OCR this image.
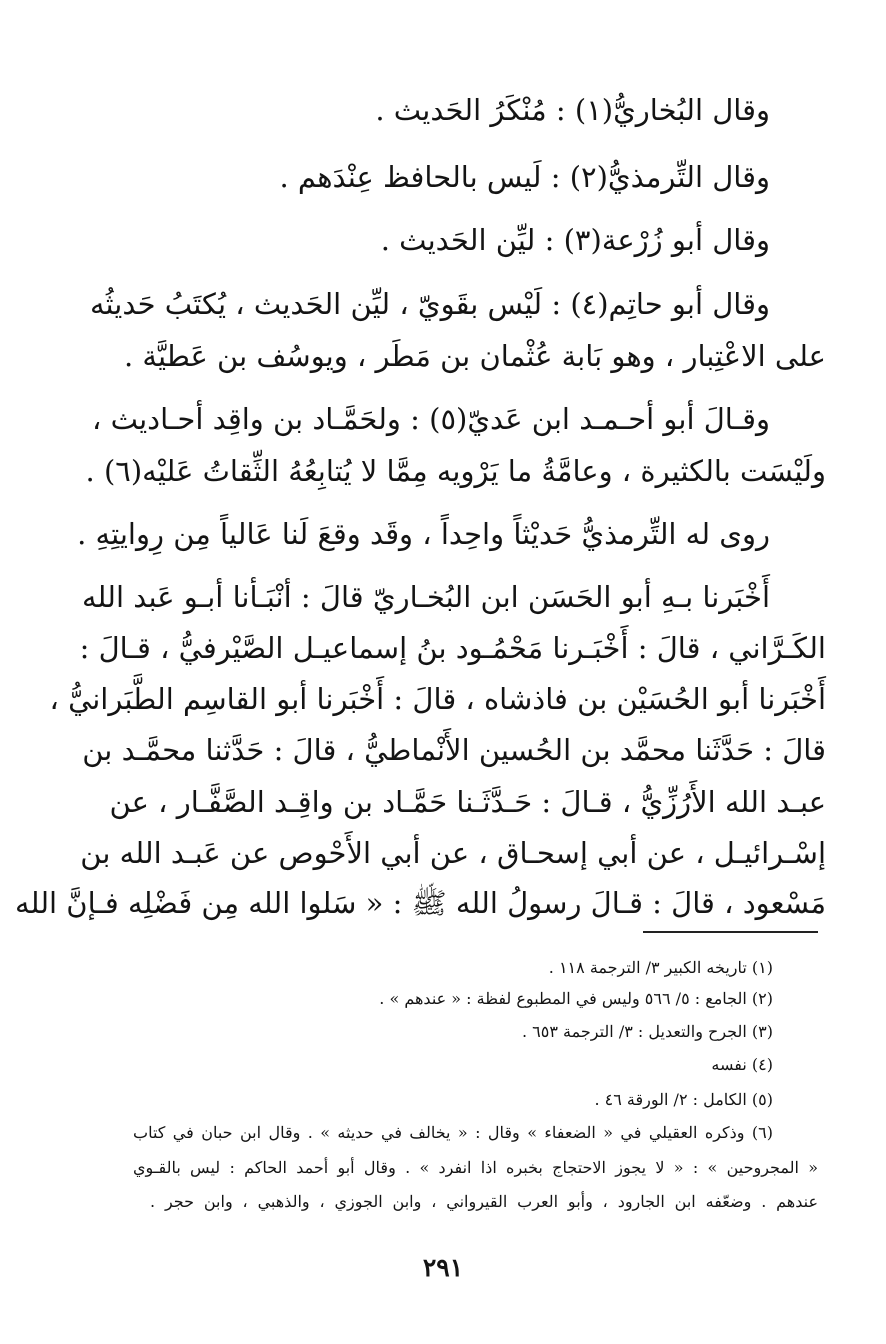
وقال البُخاريُّ(١) : مُنْكَرُ الحَديث .
وقال التِّرمذيُّ(٢) : لَيس بالحافظ عِنْدَهم .
وقال أبو زُرْعة(٣) : ليِّن الحَديث .
وقال أبو حاتِم(٤) : لَيْس بقَويّ ، ليِّن الحَديث ، يُكتَبُ حَديثُه
على الاعْتِبار ، وهو بَابة عُثْمان بن مَطَر ، ويوسُف بن عَطيَّة .
وقـالَ أبو أحـمـد ابن عَديّ(٥) : ولحَمَّـاد بن واقِد أحـاديث ،
ولَيْسَت بالكثيرة ، وعامَّةُ ما يَرْويه مِمَّا لا يُتابِعُهُ الثِّقاتُ عَليْه(٦) .
روى له التِّرمذيُّ حَديْثاً واحِداً ، وقَد وقعَ لَنا عَالياً مِن رِوايتِهِ .
أَخْبَرنا بـهِ أبو الحَسَن ابن البُخـاريّ قالَ : أنْبَـأنا أبـو عَبد الله
الكَـرَّاني ، قالَ : أَخْبَـرنا مَحْمُـود بنُ إسماعيـل الصَّيْرفيُّ ، قـالَ :
أَخْبَرنا أبو الحُسَيْن بن فاذشاه ، قالَ : أَخْبَرنا أبو القاسِم الطَّبَرانيُّ ،
قالَ : حَدَّثَنا محمَّد بن الحُسين الأَنْماطيُّ ، قالَ : حَدَّثنا محمَّـد بن
عبـد الله الأَرُزِّيُّ ، قـالَ : حَـدَّثَـنا حَمَّـاد بن واقِـد الصَّفَّـار ، عن
إسْـرائيـل ، عن أبي إسحـاق ، عن أبي الأَحْوص عن عَبـد الله بن
مَسْعود ، قالَ : قـالَ رسولُ الله ﷺ : « سَلوا الله مِن فَضْلِه فـإنَّ الله
(١) تاريخه الكبير ٣/ الترجمة ١١٨ .
(٢) الجامع : ٥/ ٥٦٦ وليس في المطبوع لفظة : « عندهم » .
(٣) الجرح والتعديل : ٣/ الترجمة ٦٥٣ .
(٤) نفسه
(٥) الكامل : ٢/ الورقة ٤٦ .
(٦) وذكره العقيلي في « الضعفاء » وقال : « يخالف في حديثه » . وقال ابن حبان في كتاب
« المجروحين » : « لا يجوز الاحتجاج بخبره اذا انفرد » . وقال أبو أحمد الحاكم : ليس بالقـوي
عندهم . وضعّفه ابن الجارود ، وأبو العرب القيرواني ، وابن الجوزي ، والذهبي ، وابن حجر .
٢٩١
